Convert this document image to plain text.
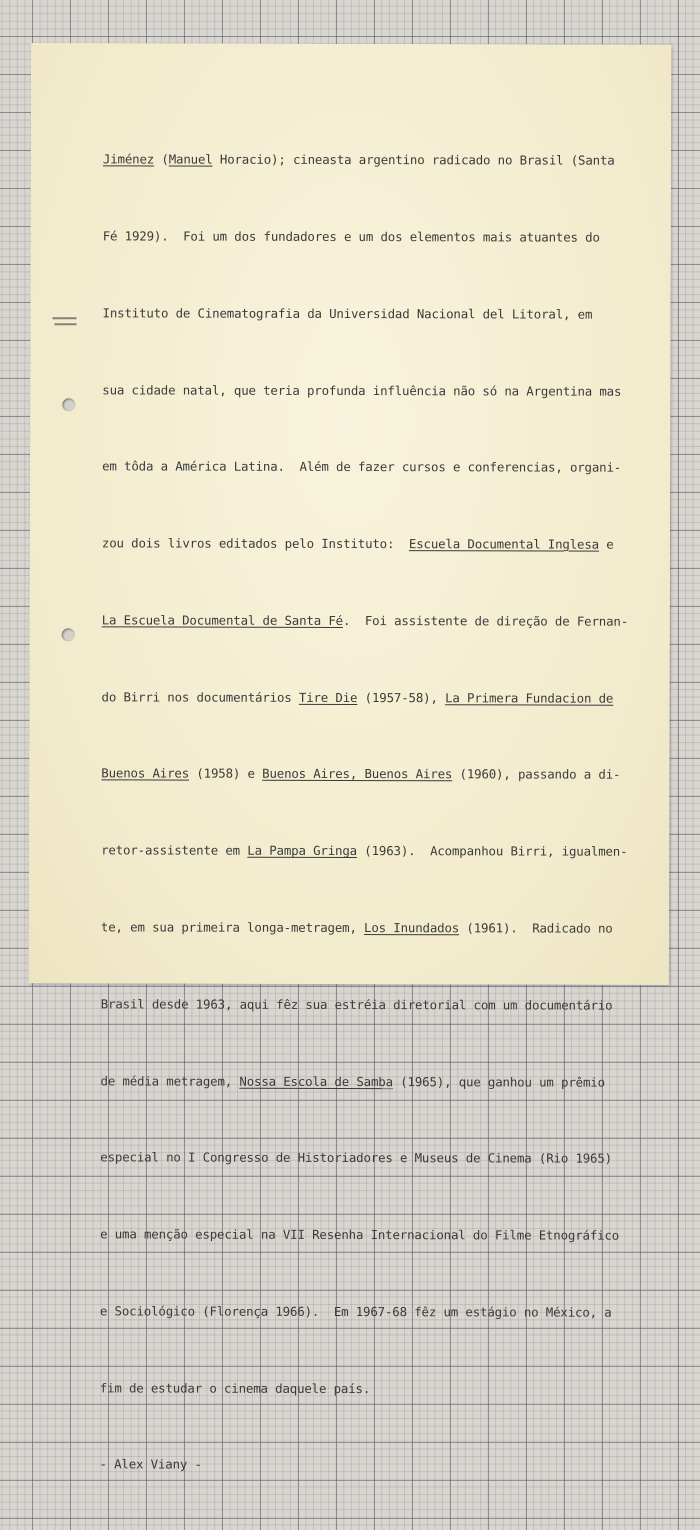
Jiménez (Manuel Horacio); cineasta argentino radicado no Brasil (Santa

Fé 1929).  Foi um dos fundadores e um dos elementos mais atuantes do

Instituto de Cinematografia da Universidad Nacional del Litoral, em

sua cidade natal, que teria profunda influência não só na Argentina mas

em tôda a América Latina.  Além de fazer cursos e conferencias, organi-

zou dois livros editados pelo Instituto:  Escuela Documental Inglesa e

La Escuela Documental de Santa Fé.  Foi assistente de direção de Fernan-

do Birri nos documentários Tire Die (1957-58), La Primera Fundacion de

Buenos Aires (1958) e Buenos Aires, Buenos Aires (1960), passando a di-

retor-assistente em La Pampa Gringa (1963).  Acompanhou Birri, igualmen-

te, em sua primeira longa-metragem, Los Inundados (1961).  Radicado no

Brasil desde 1963, aqui fêz sua estréia diretorial com um documentário

de média metragem, Nossa Escola de Samba (1965), que ganhou um prêmio

especial no I Congresso de Historiadores e Museus de Cinema (Rio 1965)

e uma menção especial na VII Resenha Internacional do Filme Etnográfico

e Sociológico (Florença 1966).  Em 1967-68 fêz um estágio no México, a

fim de estudar o cinema daquele país.

- Alex Viany -
